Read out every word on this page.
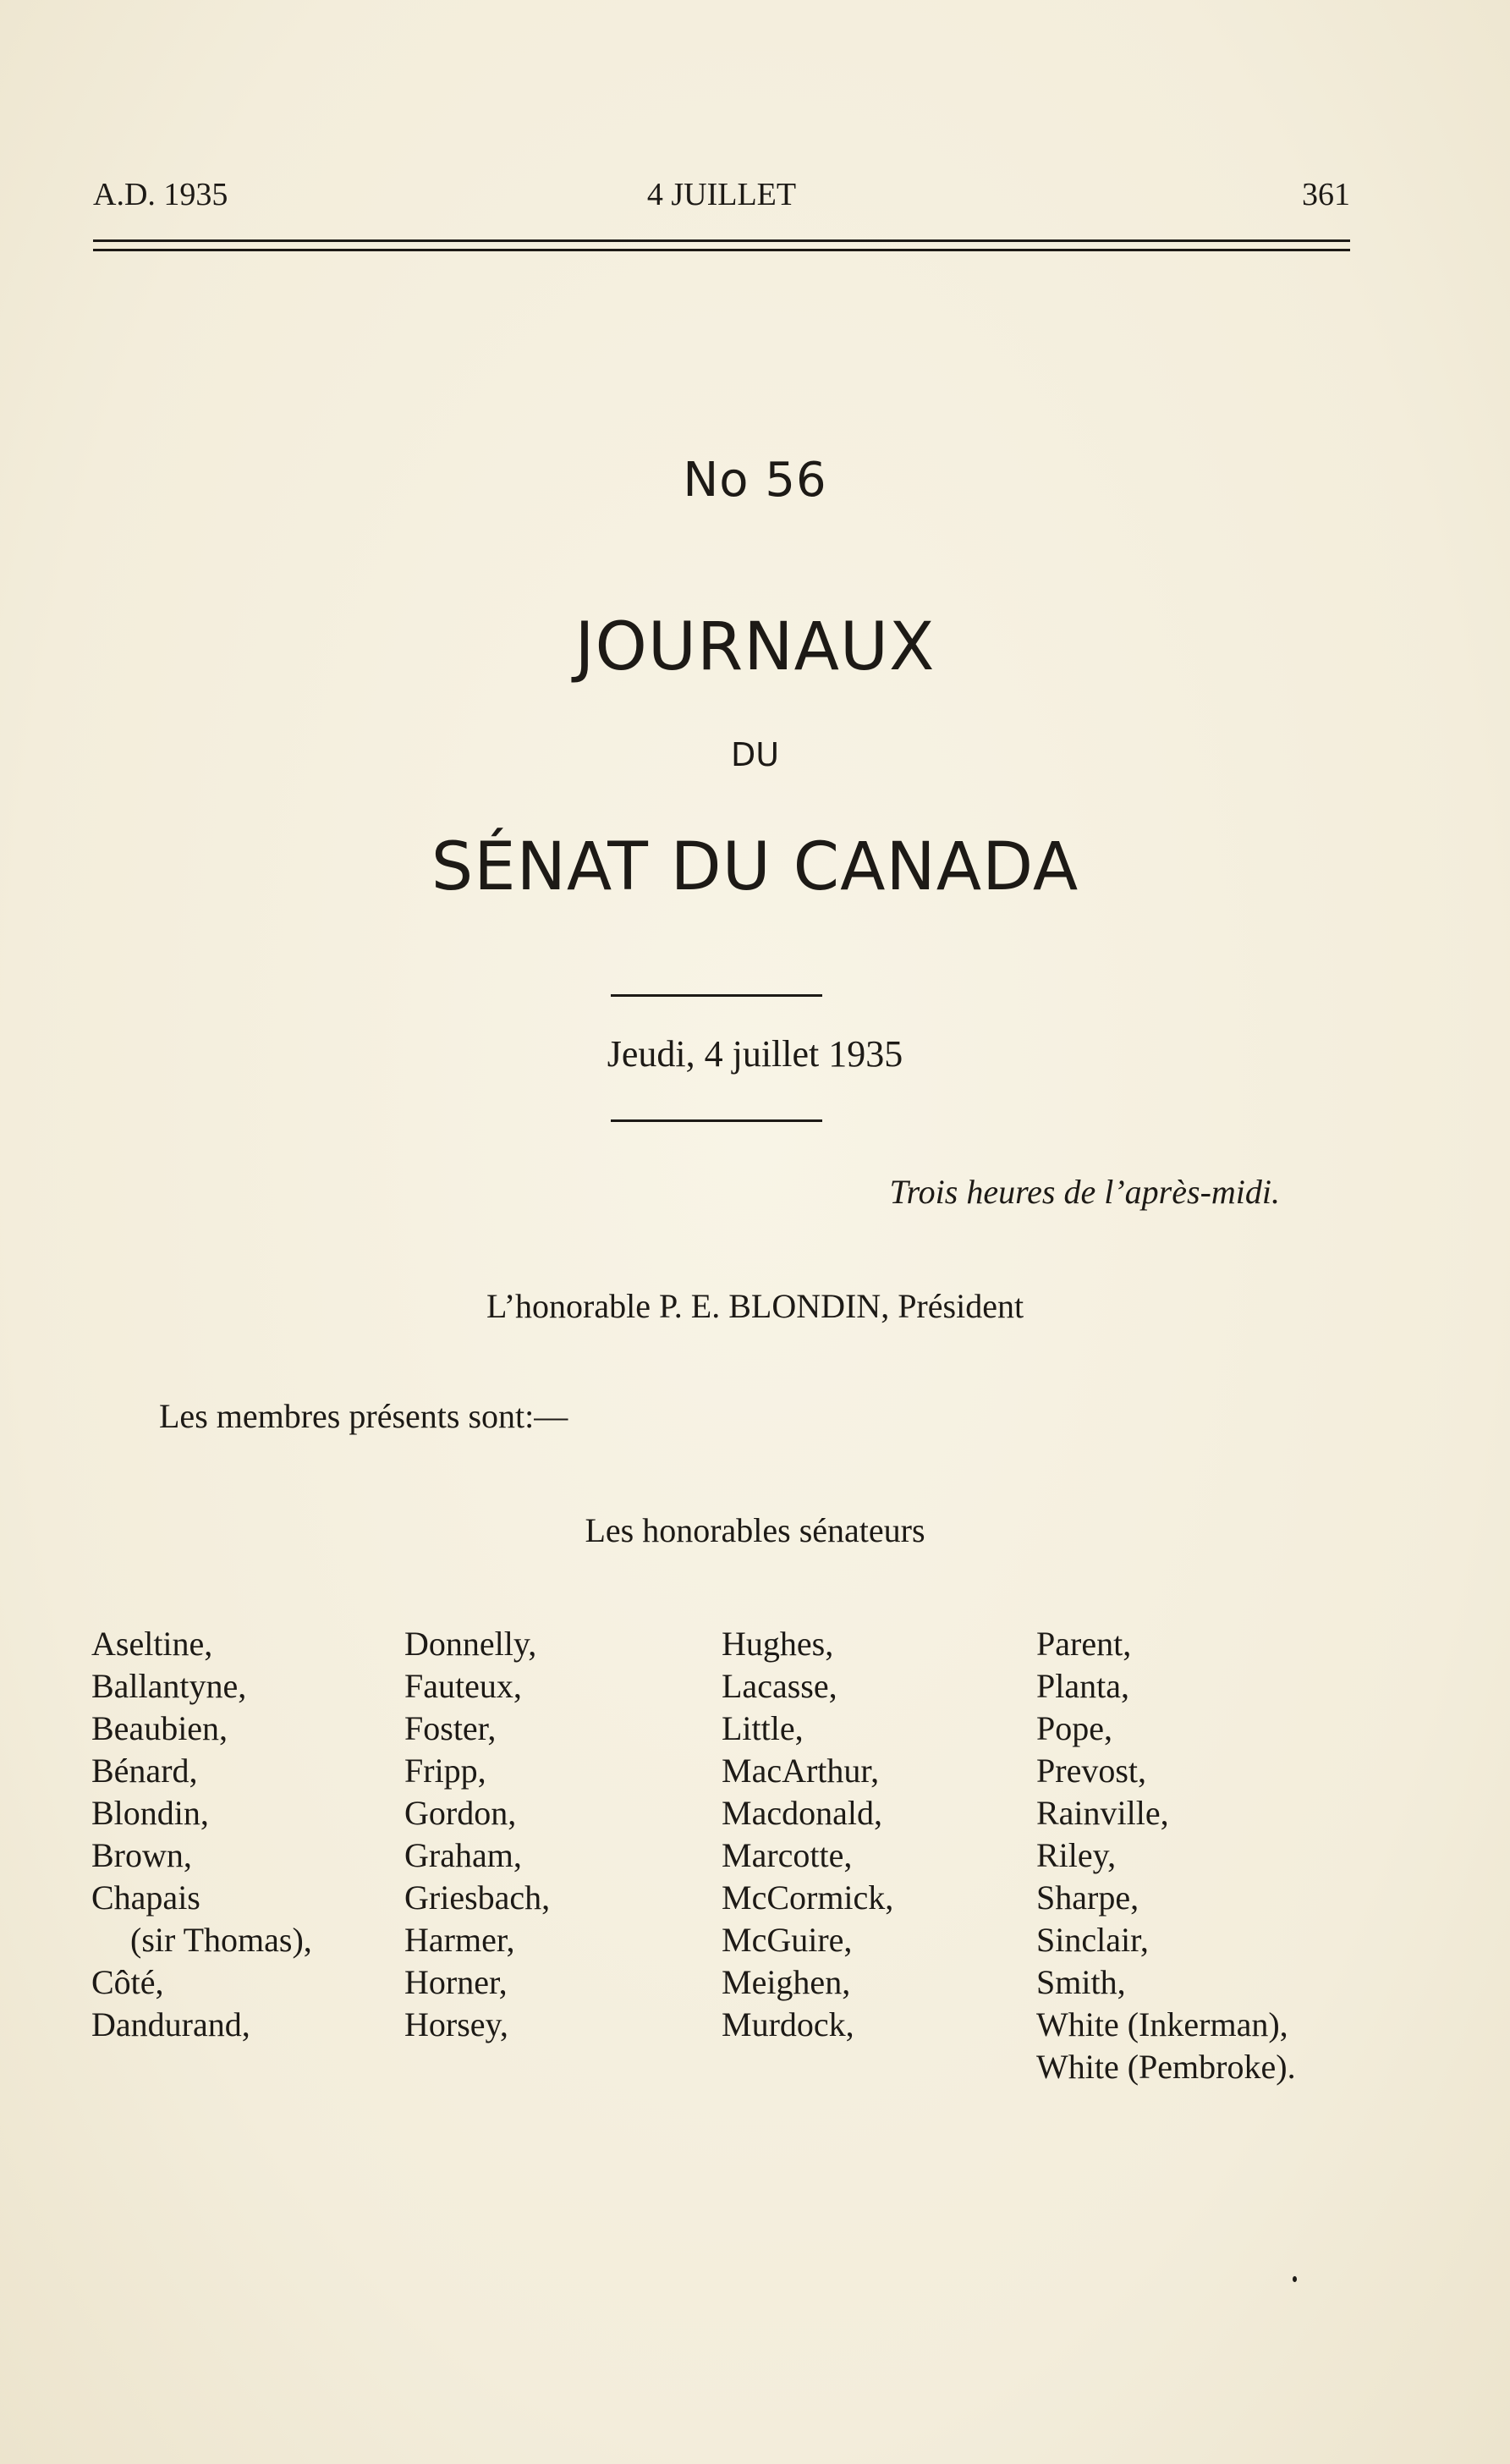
A.D. 1935	4 JUILLET	361
No 56
JOURNAUX
DU
SÉNAT DU CANADA
Jeudi, 4 juillet 1935
Trois heures de l’après-midi.
L’honorable P. E. BLONDIN, Président
Les membres présents sont:—
Les honorables sénateurs
Aseltine,
Ballantyne,
Beaubien,
Bénard,
Blondin,
Brown,
Chapais
(sir Thomas),
Côté,
Dandurand,
Donnelly,
Fauteux,
Foster,
Fripp,
Gordon,
Graham,
Griesbach,
Harmer,
Horner,
Horsey,
Hughes,
Lacasse,
Little,
MacArthur,
Macdonald,
Marcotte,
McCormick,
McGuire,
Meighen,
Murdock,
Parent,
Planta,
Pope,
Prevost,
Rainville,
Riley,
Sharpe,
Sinclair,
Smith,
White (Inkerman),
White (Pembroke).
